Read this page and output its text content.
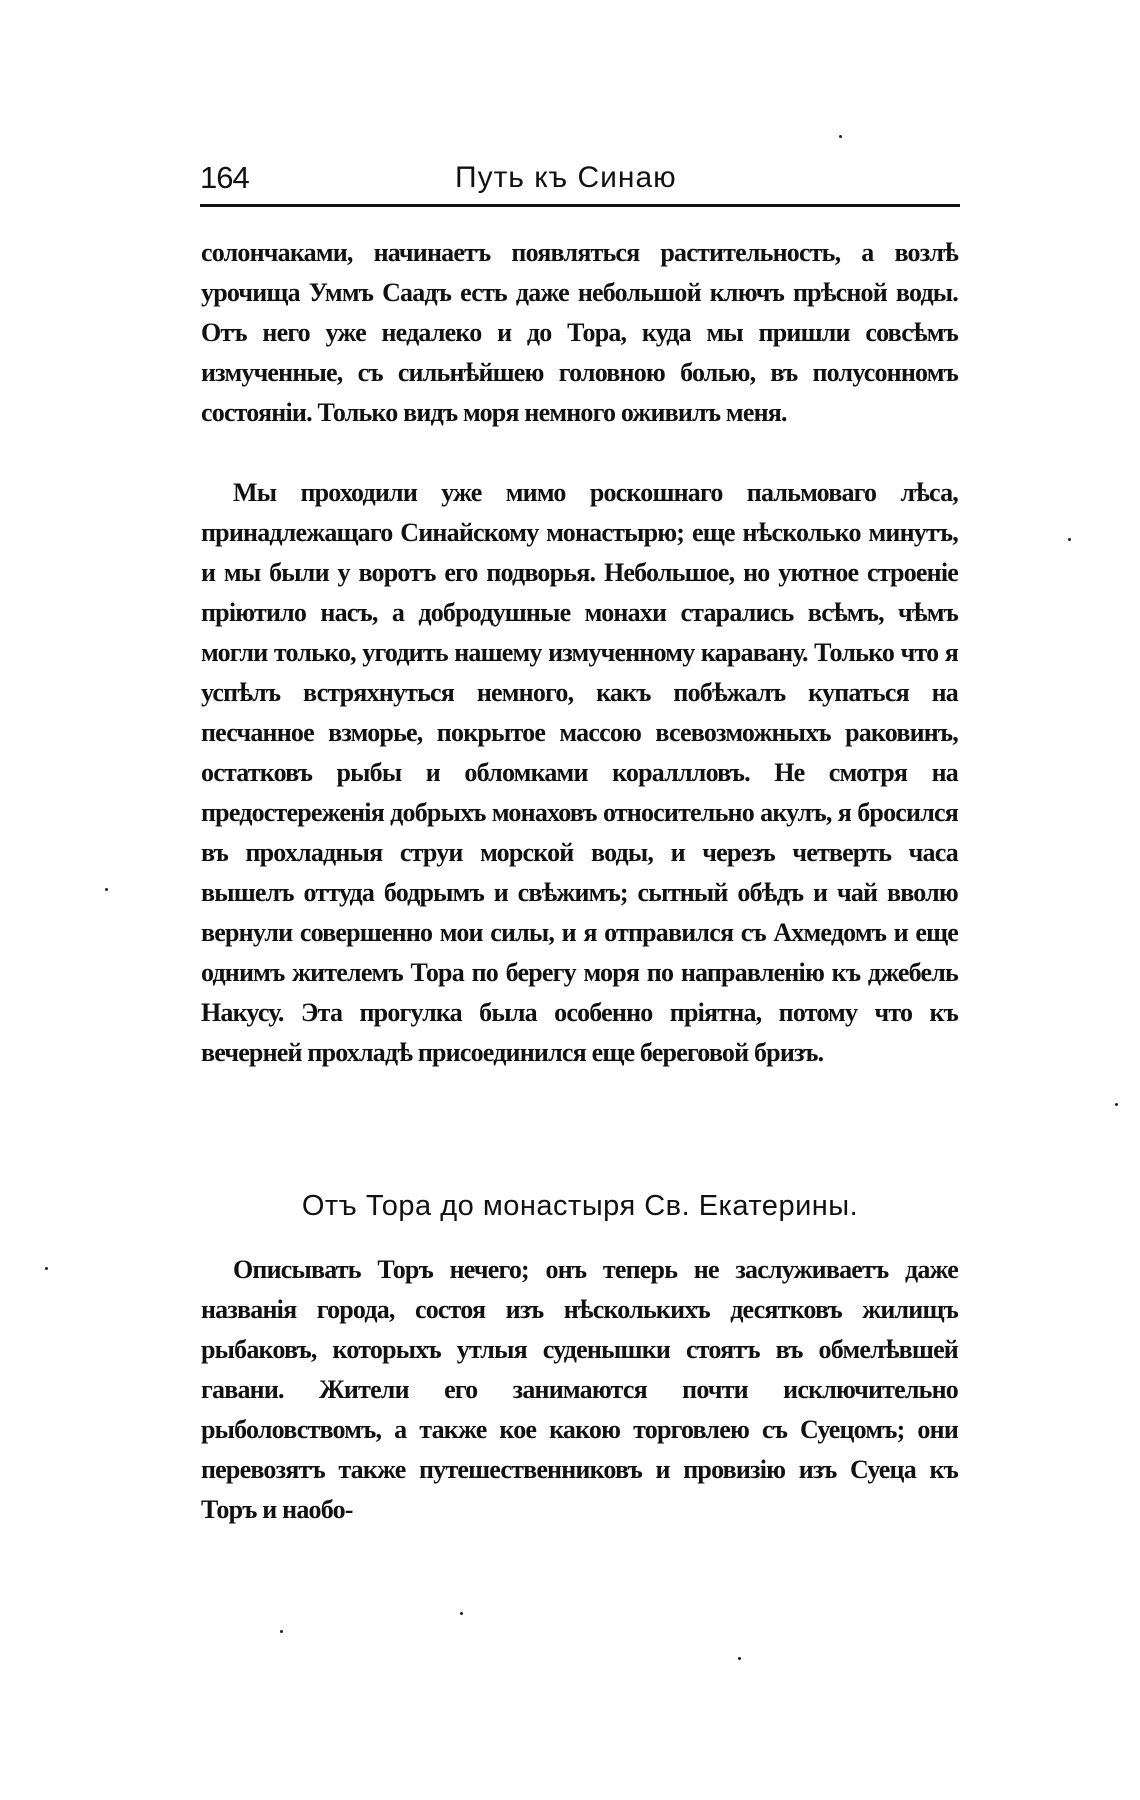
164	Путь къ Синаю

солончаками, начинаетъ появляться растительность, а возлѣ урочища Уммъ Саадъ есть даже небольшой ключъ прѣсной воды. Отъ него уже недалеко и до Тора, куда мы пришли совсѣмъ измученные, съ сильнѣйшею головною болью, въ полусонномъ состояніи. Только видъ моря немного оживилъ меня.

Мы проходили уже мимо роскошнаго пальмоваго лѣса, принадлежащаго Синайскому монастырю; еще нѣсколько минутъ, и мы были у воротъ его подворья. Небольшое, но уютное строеніе пріютило насъ, а добродушные монахи старались всѣмъ, чѣмъ могли только, угодить нашему измученному каравану. Только что я успѣлъ встряхнуться немного, какъ побѣжалъ купаться на песчанное взморье, покрытое массою всевозможныхъ раковинъ, остатковъ рыбы и обломками кораллловъ. Не смотря на предостереженія добрыхъ монаховъ относительно акулъ, я бросился въ прохладныя струи морской воды, и черезъ четверть часа вышелъ оттуда бодрымъ и свѣжимъ; сытный обѣдъ и чай вволю вернули совершенно мои силы, и я отправился съ Ахмедомъ и еще однимъ жителемъ Тора по берегу моря по направленію къ джебель Накусу. Эта прогулка была особенно пріятна, потому что къ вечерней прохладѣ присоединился еще береговой бризъ.

Отъ Тора до монастыря Св. Екатерины.

Описывать Торъ нечего; онъ теперь не заслуживаетъ даже названія города, состоя изъ нѣсколькихъ десятковъ жилищъ рыбаковъ, которыхъ утлыя суденышки стоятъ въ обмелѣвшей гавани. Жители его занимаются почти исключительно рыболовствомъ, а также кое какою торговлею съ Суецомъ; они перевозятъ также путешественниковъ и провизію изъ Суеца къ Торъ и наобо-
